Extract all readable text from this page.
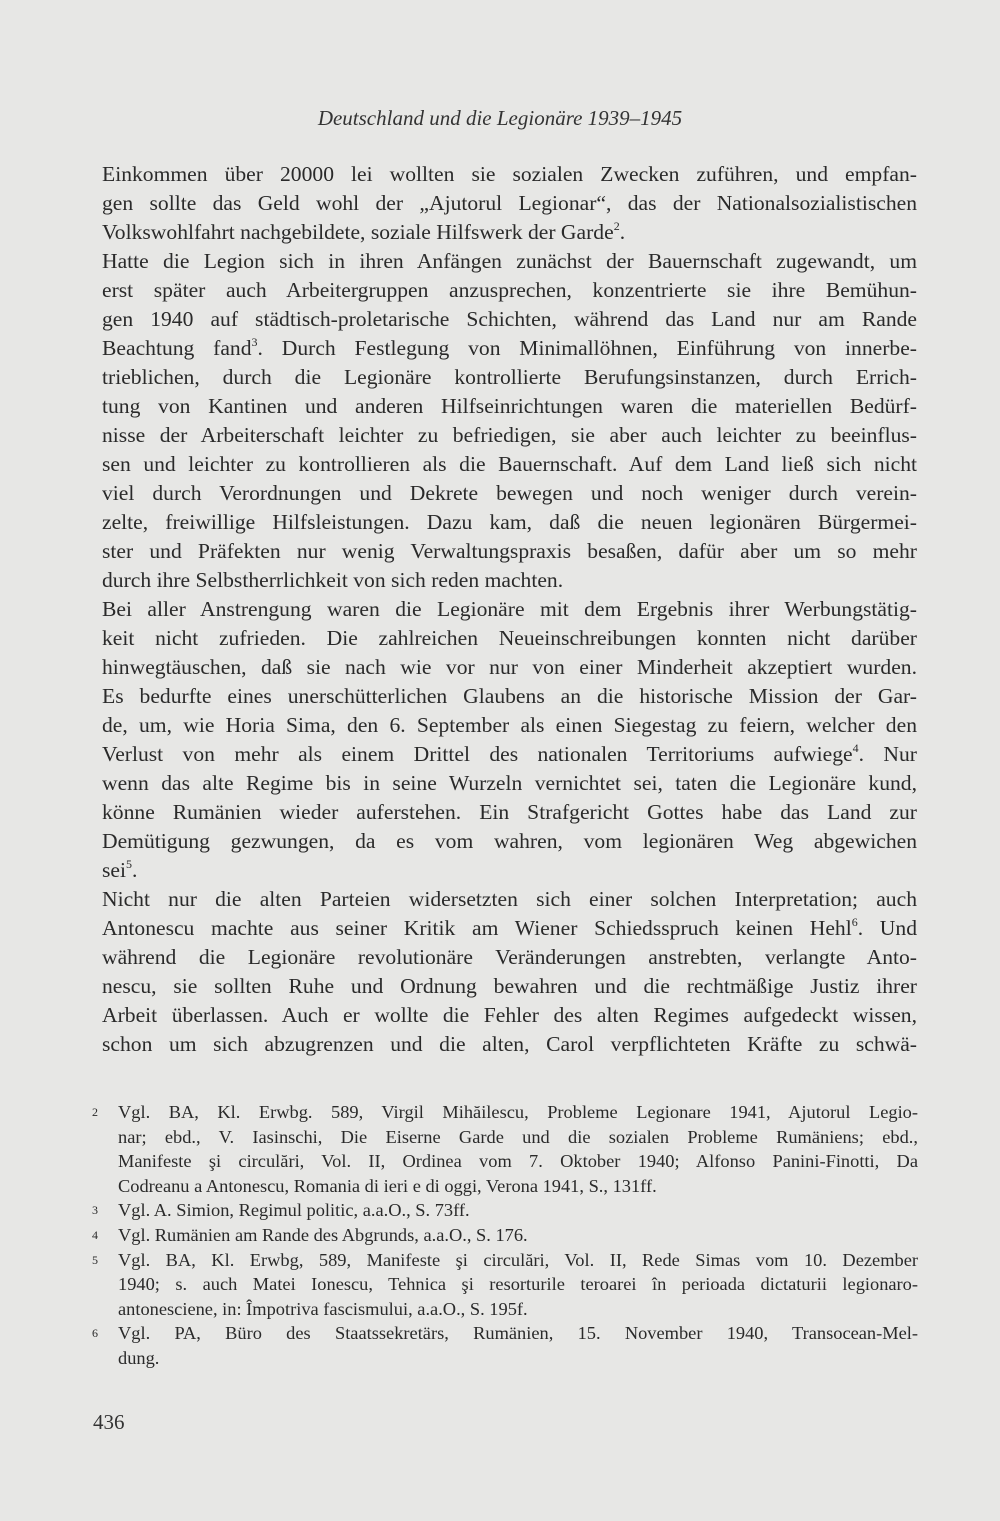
Deutschland und die Legionäre 1939–1945
Einkommen über 20000 lei wollten sie sozialen Zwecken zuführen, und empfan-
gen sollte das Geld wohl der „Ajutorul Legionar“, das der Nationalsozialistischen
Volkswohlfahrt nachgebildete, soziale Hilfswerk der Garde$^2$.
Hatte die Legion sich in ihren Anfängen zunächst der Bauernschaft zugewandt, um
erst später auch Arbeitergruppen anzusprechen, konzentrierte sie ihre Bemühun-
gen 1940 auf städtisch-proletarische Schichten, während das Land nur am Rande
Beachtung fand$^3$. Durch Festlegung von Minimallöhnen, Einführung von innerbe-
trieblichen, durch die Legionäre kontrollierte Berufungsinstanzen, durch Errich-
tung von Kantinen und anderen Hilfseinrichtungen waren die materiellen Bedürf-
nisse der Arbeiterschaft leichter zu befriedigen, sie aber auch leichter zu beeinflus-
sen und leichter zu kontrollieren als die Bauernschaft. Auf dem Land ließ sich nicht
viel durch Verordnungen und Dekrete bewegen und noch weniger durch verein-
zelte, freiwillige Hilfsleistungen. Dazu kam, daß die neuen legionären Bürgermei-
ster und Präfekten nur wenig Verwaltungspraxis besaßen, dafür aber um so mehr
durch ihre Selbstherrlichkeit von sich reden machten.
Bei aller Anstrengung waren die Legionäre mit dem Ergebnis ihrer Werbungstätig-
keit nicht zufrieden. Die zahlreichen Neueinschreibungen konnten nicht darüber
hinwegtäuschen, daß sie nach wie vor nur von einer Minderheit akzeptiert wurden.
Es bedurfte eines unerschütterlichen Glaubens an die historische Mission der Gar-
de, um, wie Horia Sima, den 6. September als einen Siegestag zu feiern, welcher den
Verlust von mehr als einem Drittel des nationalen Territoriums aufwiege$^4$. Nur
wenn das alte Regime bis in seine Wurzeln vernichtet sei, taten die Legionäre kund,
könne Rumänien wieder auferstehen. Ein Strafgericht Gottes habe das Land zur
Demütigung gezwungen, da es vom wahren, vom legionären Weg abgewichen
sei$^5$.
Nicht nur die alten Parteien widersetzten sich einer solchen Interpretation; auch
Antonescu machte aus seiner Kritik am Wiener Schiedsspruch keinen Hehl$^6$. Und
während die Legionäre revolutionäre Veränderungen anstrebten, verlangte Anto-
nescu, sie sollten Ruhe und Ordnung bewahren und die rechtmäßige Justiz ihrer
Arbeit überlassen. Auch er wollte die Fehler des alten Regimes aufgedeckt wissen,
schon um sich abzugrenzen und die alten, Carol verpflichteten Kräfte zu schwä-
2 Vgl. BA, Kl. Erwbg. 589, Virgil Mihăilescu, Probleme Legionare 1941, Ajutorul Legio-
nar; ebd., V. Iasinschi, Die Eiserne Garde und die sozialen Probleme Rumäniens; ebd.,
Manifeste şi circulări, Vol. II, Ordinea vom 7. Oktober 1940; Alfonso Panini-Finotti, Da
Codreanu a Antonescu, Romania di ieri e di oggi, Verona 1941, S., 131ff.
3 Vgl. A. Simion, Regimul politic, a.a.O., S. 73ff.
4 Vgl. Rumänien am Rande des Abgrunds, a.a.O., S. 176.
5 Vgl. BA, Kl. Erwbg, 589, Manifeste şi circulări, Vol. II, Rede Simas vom 10. Dezember
1940; s. auch Matei Ionescu, Tehnica şi resorturile teroarei în perioada dictaturii legionaro-
antonesciene, in: Împotriva fascismului, a.a.O., S. 195f.
6 Vgl. PA, Büro des Staatssekretärs, Rumänien, 15. November 1940, Transocean-Mel-
dung.
436
